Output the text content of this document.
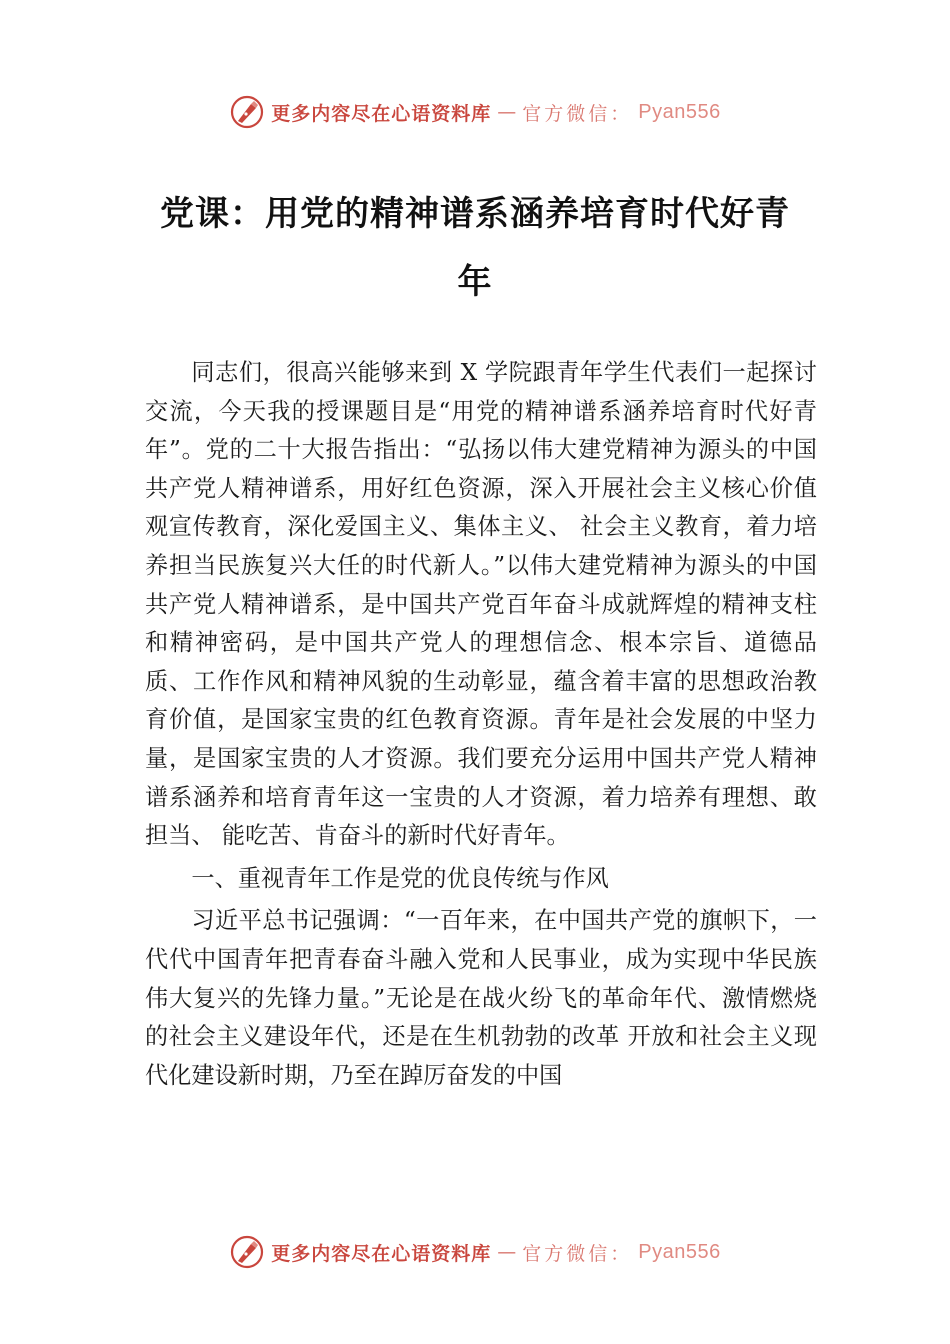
更多内容尽在心语资料库 — 官方微信： Pyan556
党课：用党的精神谱系涵养培育时代好青年

同志们，很高兴能够来到 X 学院跟青年学生代表们一起探讨交流，今天我的授课题目是“用党的精神谱系涵养培育时代好青年”。党的二十大报告指出：“弘扬以伟大建党精神为源头的中国共产党人精神谱系，用好红色资源，深入开展社会主义核心价值观宣传教育，深化爱国主义、集体主义、 社会主义教育，着力培养担当民族复兴大任的时代新人。”以伟大建党精神为源头的中国共产党人精神谱系，是中国共产党百年奋斗成就辉煌的精神支柱和精神密码，是中国共产党人的理想信念、根本宗旨、道德品质、工作作风和精神风貌的生动彰显，蕴含着丰富的思想政治教育价值，是国家宝贵的红色教育资源。青年是社会发展的中坚力量，是国家宝贵的人才资源。我们要充分运用中国共产党人精神谱系涵养和培育青年这一宝贵的人才资源，着力培养有理想、敢担当、 能吃苦、肯奋斗的新时代好青年。

一、重视青年工作是党的优良传统与作风

习近平总书记强调：“一百年来，在中国共产党的旗帜下，一代代中国青年把青春奋斗融入党和人民事业，成为实现中华民族伟大复兴的先锋力量。”无论是在战火纷飞的革命年代、激情燃烧的社会主义建设年代，还是在生机勃勃的改革 开放和社会主义现代化建设新时期，乃至在踔厉奋发的中国

更多内容尽在心语资料库 — 官方微信： Pyan556
